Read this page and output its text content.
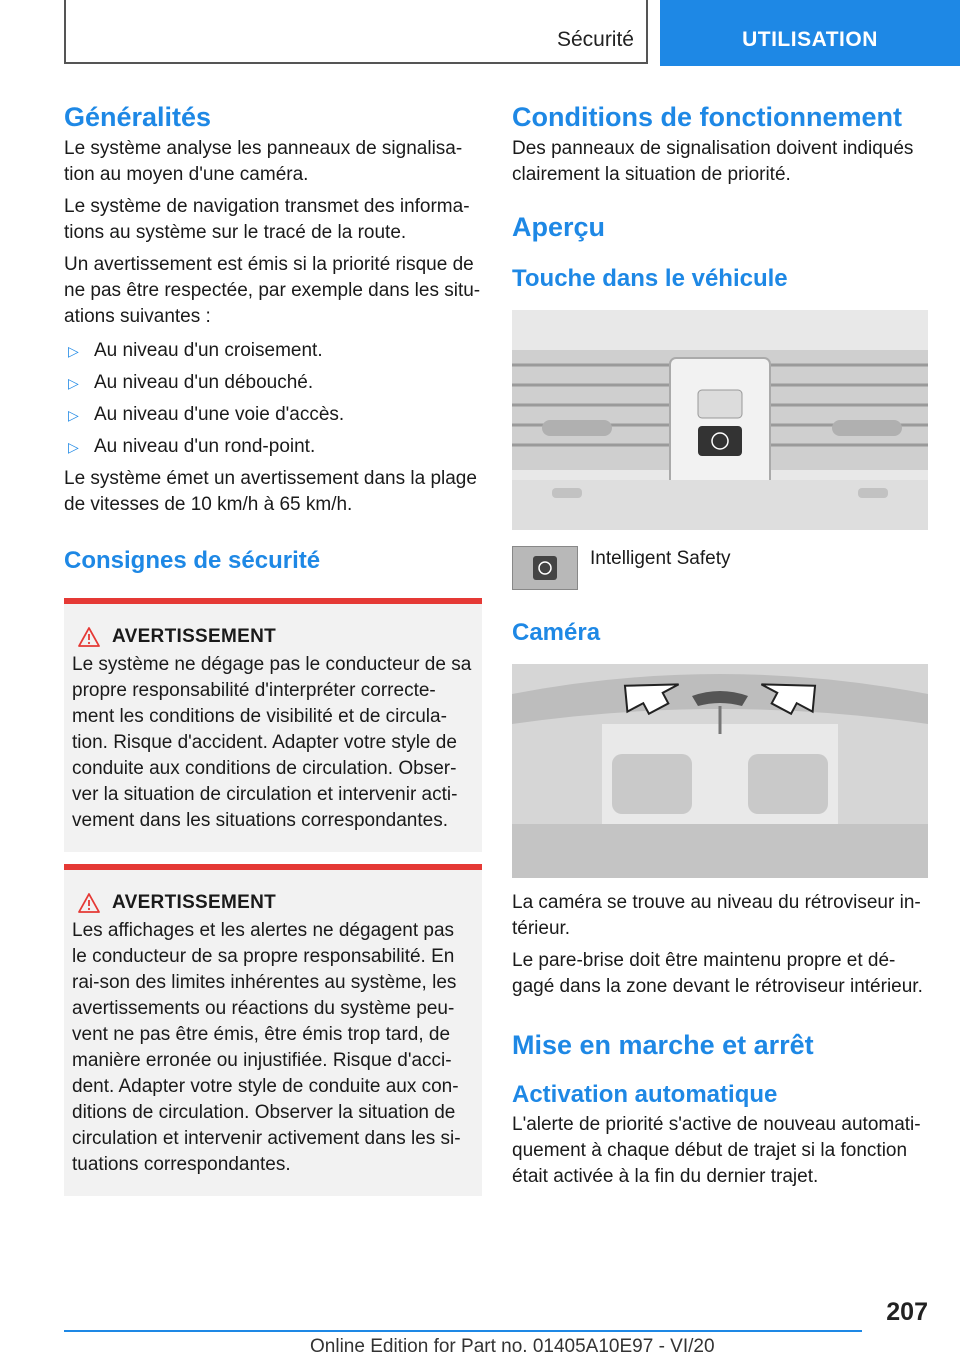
Sécurité	UTILISATION
Généralités

Le système analyse les panneaux de signalisa-tion au moyen d'une caméra.

Le système de navigation transmet des informa-tions au système sur le tracé de la route.

Un avertissement est émis si la priorité risque de ne pas être respectée, par exemple dans les situ-ations suivantes :

▷ Au niveau d'un croisement.
▷ Au niveau d'un débouché.
▷ Au niveau d'une voie d'accès.
▷ Au niveau d'un rond-point.

Le système émet un avertissement dans la plage de vitesses de 10 km/h à 65 km/h.

Consignes de sécurité
AVERTISSEMENT

Le système ne dégage pas le conducteur de sa propre responsabilité d'interpréter correcte-ment les conditions de visibilité et de circula-tion. Risque d'accident. Adapter votre style de conduite aux conditions de circulation. Obser-ver la situation de circulation et intervenir acti-vement dans les situations correspondantes.

AVERTISSEMENT

Les affichages et les alertes ne dégagent pas le conducteur de sa propre responsabilité. En rai-son des limites inhérentes au système, les avertissements ou réactions du système peu-vent ne pas être émis, être émis trop tard, de manière erronée ou injustifiée. Risque d'acci-dent. Adapter votre style de conduite aux con-ditions de circulation. Observer la situation de circulation et intervenir activement dans les si-tuations correspondantes.

Conditions de fonctionnement

Des panneaux de signalisation doivent indiqués clairement la situation de priorité.

Aperçu
Touche dans le véhicule
Intelligent Safety
Caméra

La caméra se trouve au niveau du rétroviseur in-térieur.

Le pare-brise doit être maintenu propre et dé-gagé dans la zone devant le rétroviseur intérieur.

Mise en marche et arrêt
Activation automatique

L'alerte de priorité s'active de nouveau automati-quement à chaque début de trajet si la fonction était activée à la fin du dernier trajet.

207
Online Edition for Part no. 01405A10E97 - VI/20
